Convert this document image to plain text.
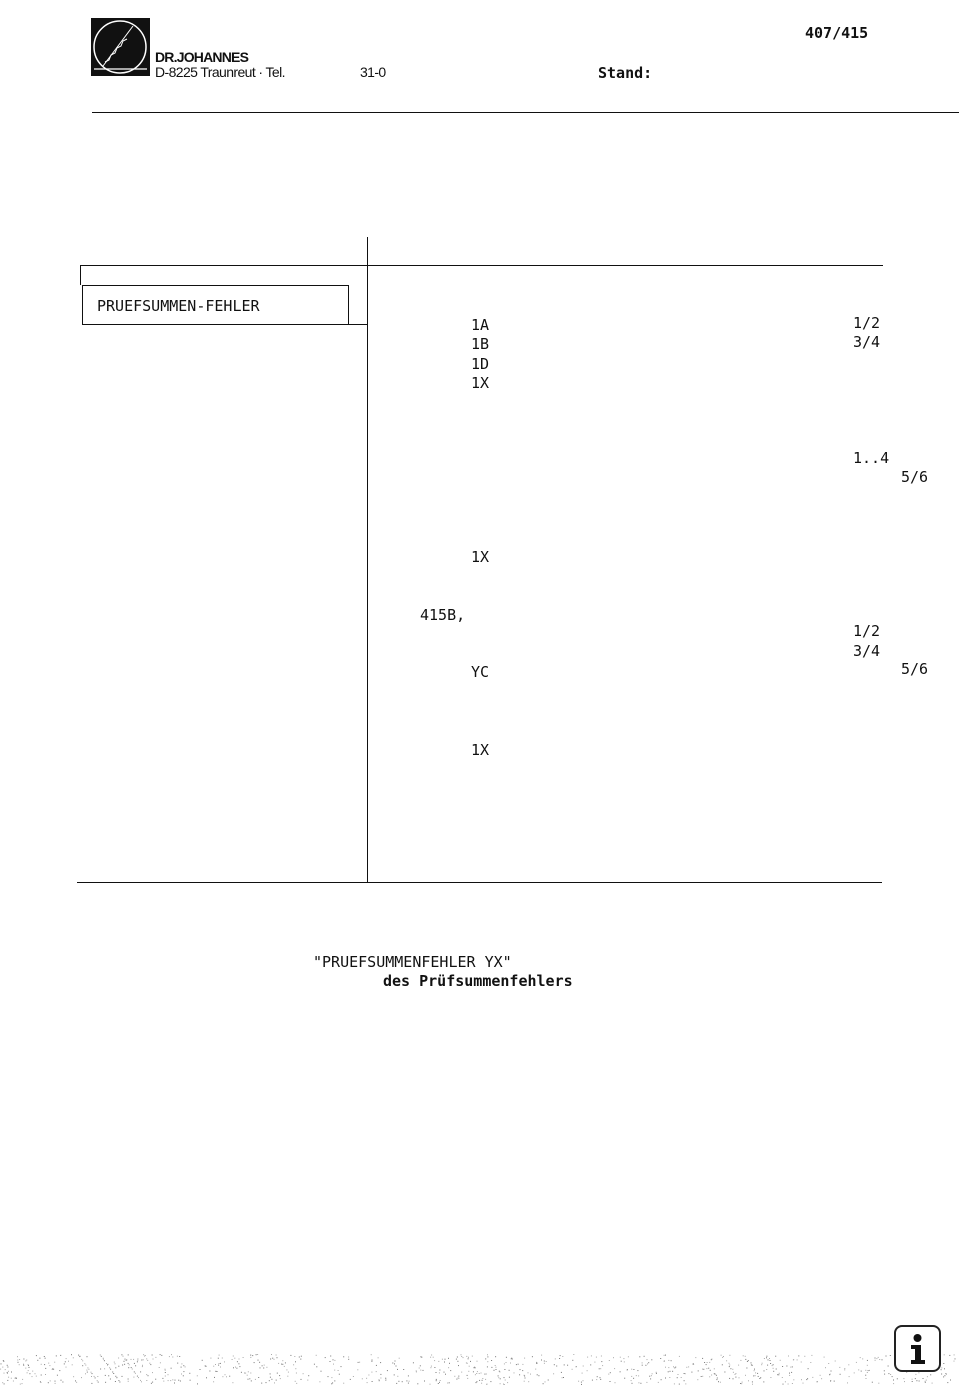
DR.JOHANNES
D-8225 Traunreut · Tel.	31-0	Stand:
407/415
PRUEFSUMMEN-FEHLER
1A
1B
1D
1X
1X
415B,
YC
1X
1/2
3/4
1..4
5/6
1/2
3/4
5/6
"PRUEFSUMMENFEHLER YX"
des Prüfsummenfehlers
